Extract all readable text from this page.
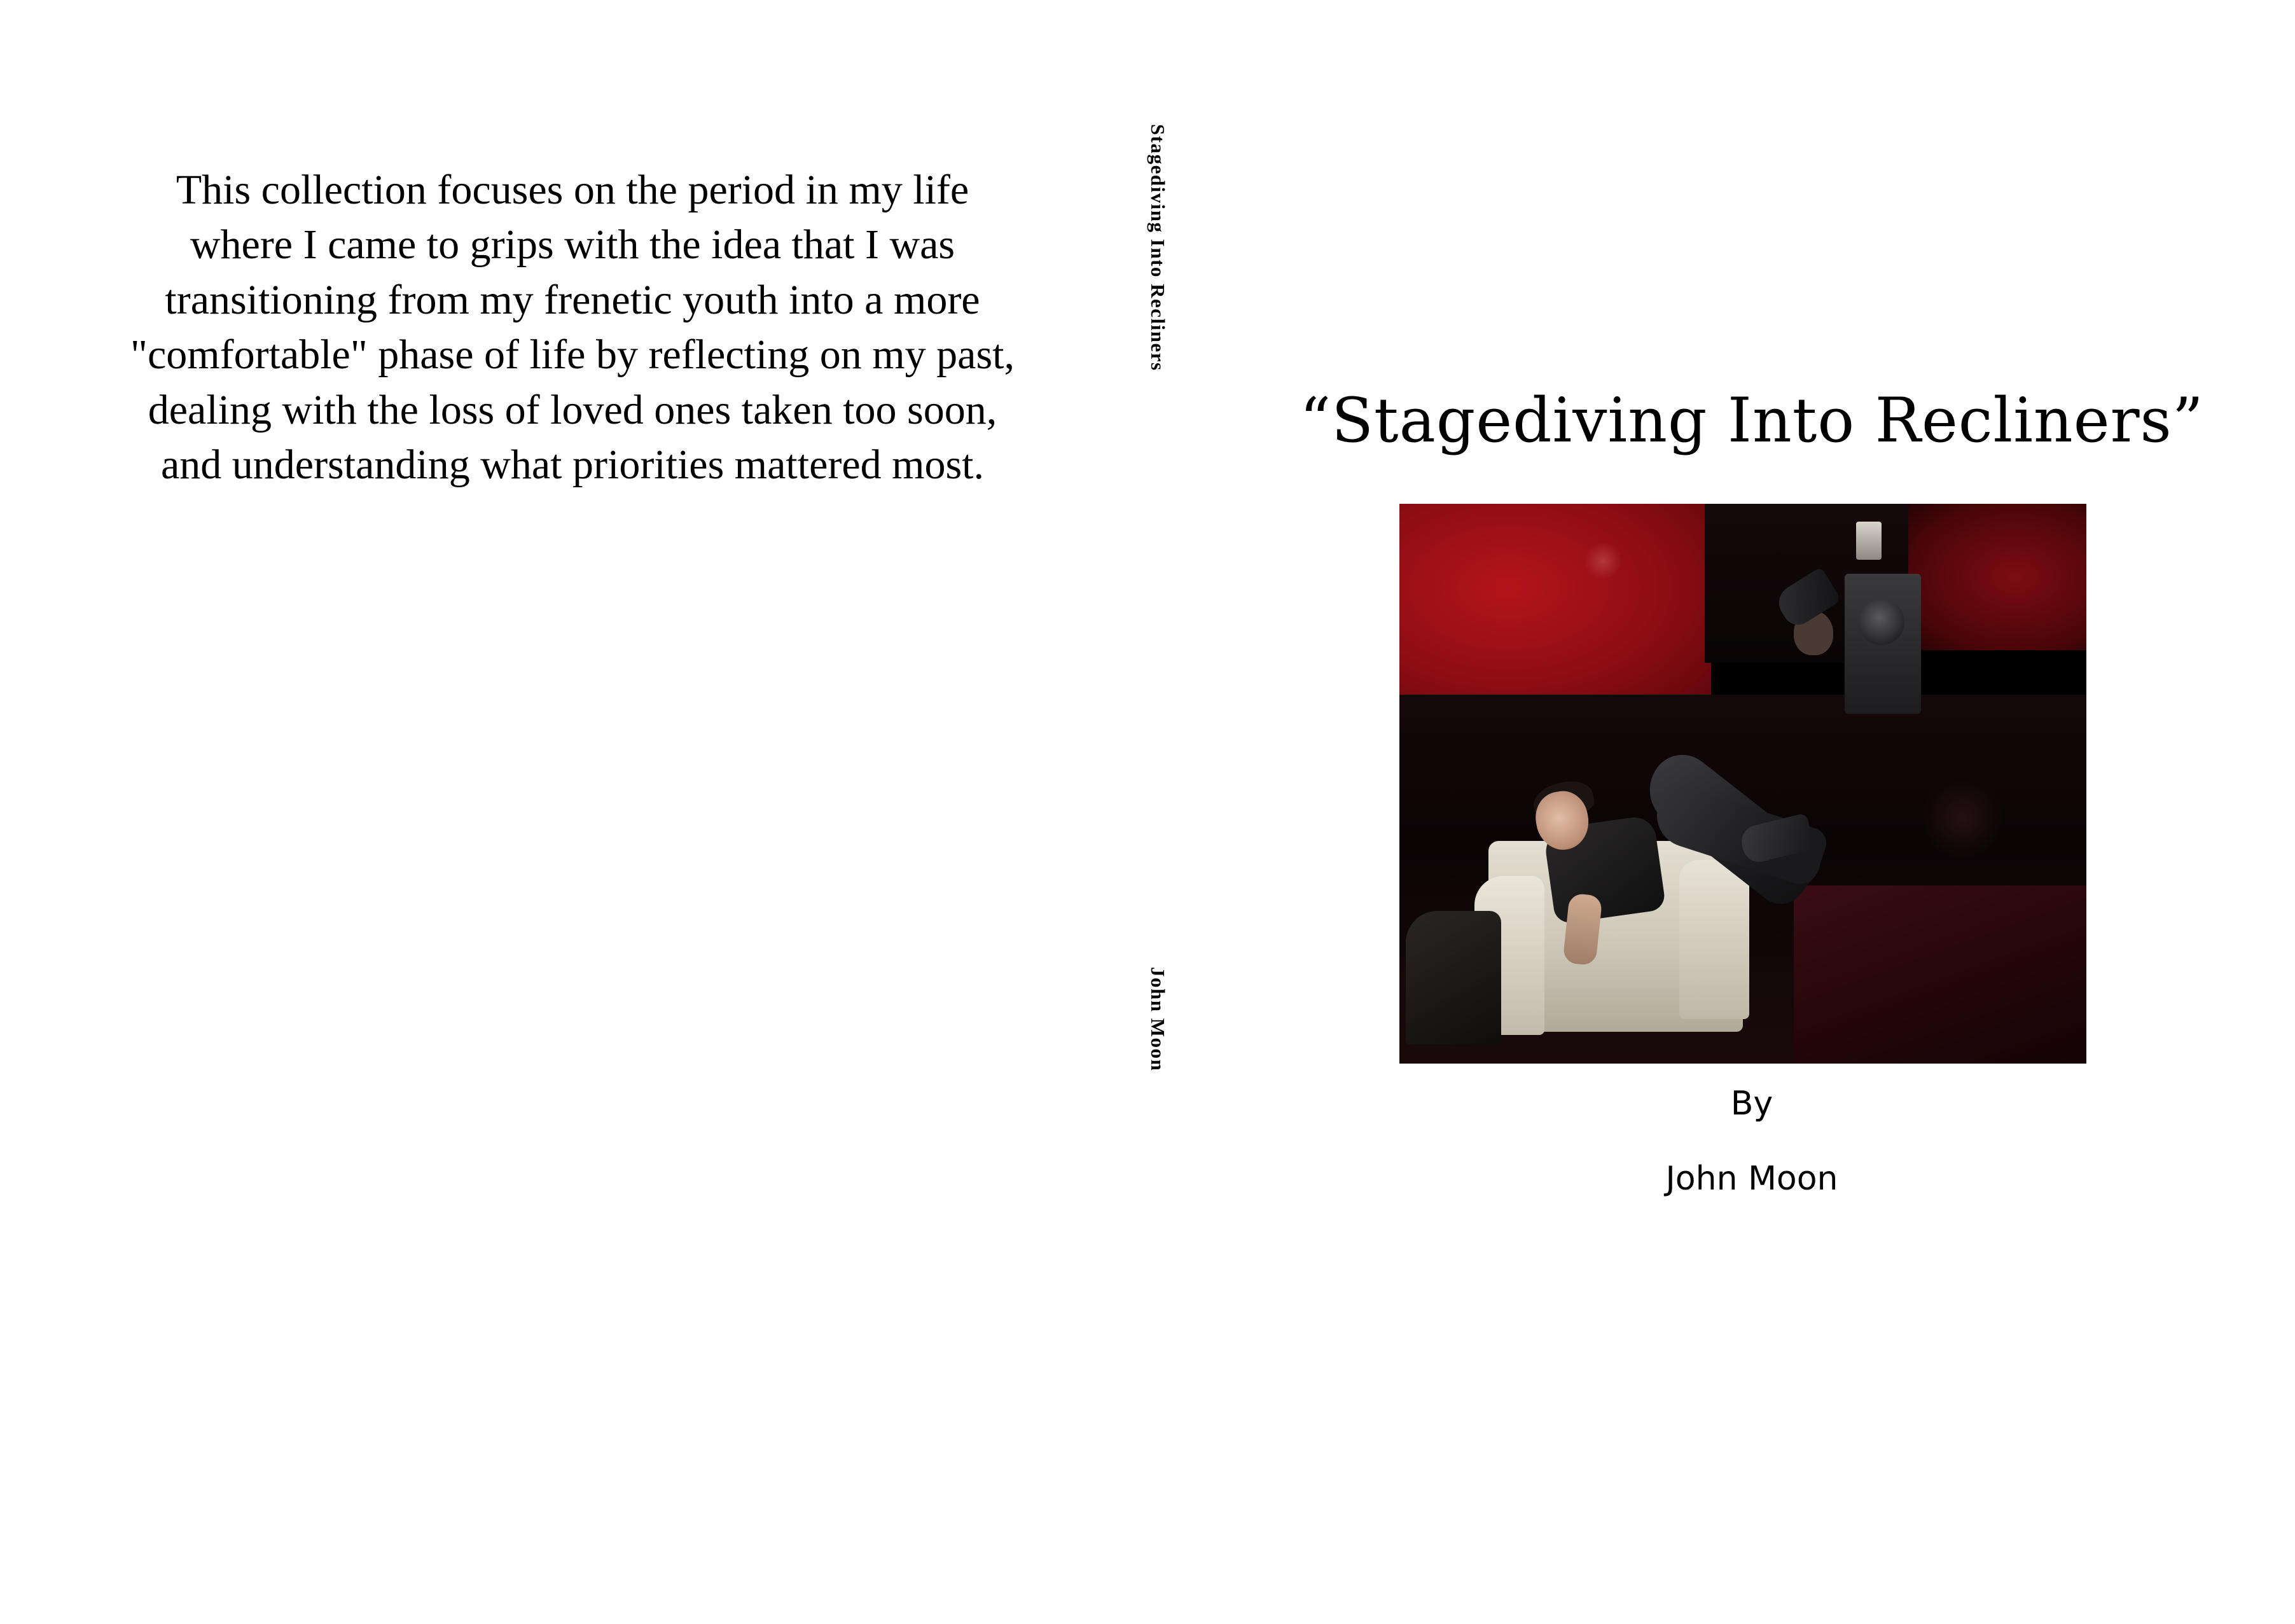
This collection focuses on the period in my life where I came to grips with the idea that I was transitioning from my frenetic youth into a more "comfortable" phase of life by reflecting on my past, dealing with the loss of loved ones taken too soon, and understanding what priorities mattered most.

Stagediving Into Recliners
John Moon
“Stagediving Into Recliners”
By
John Moon
